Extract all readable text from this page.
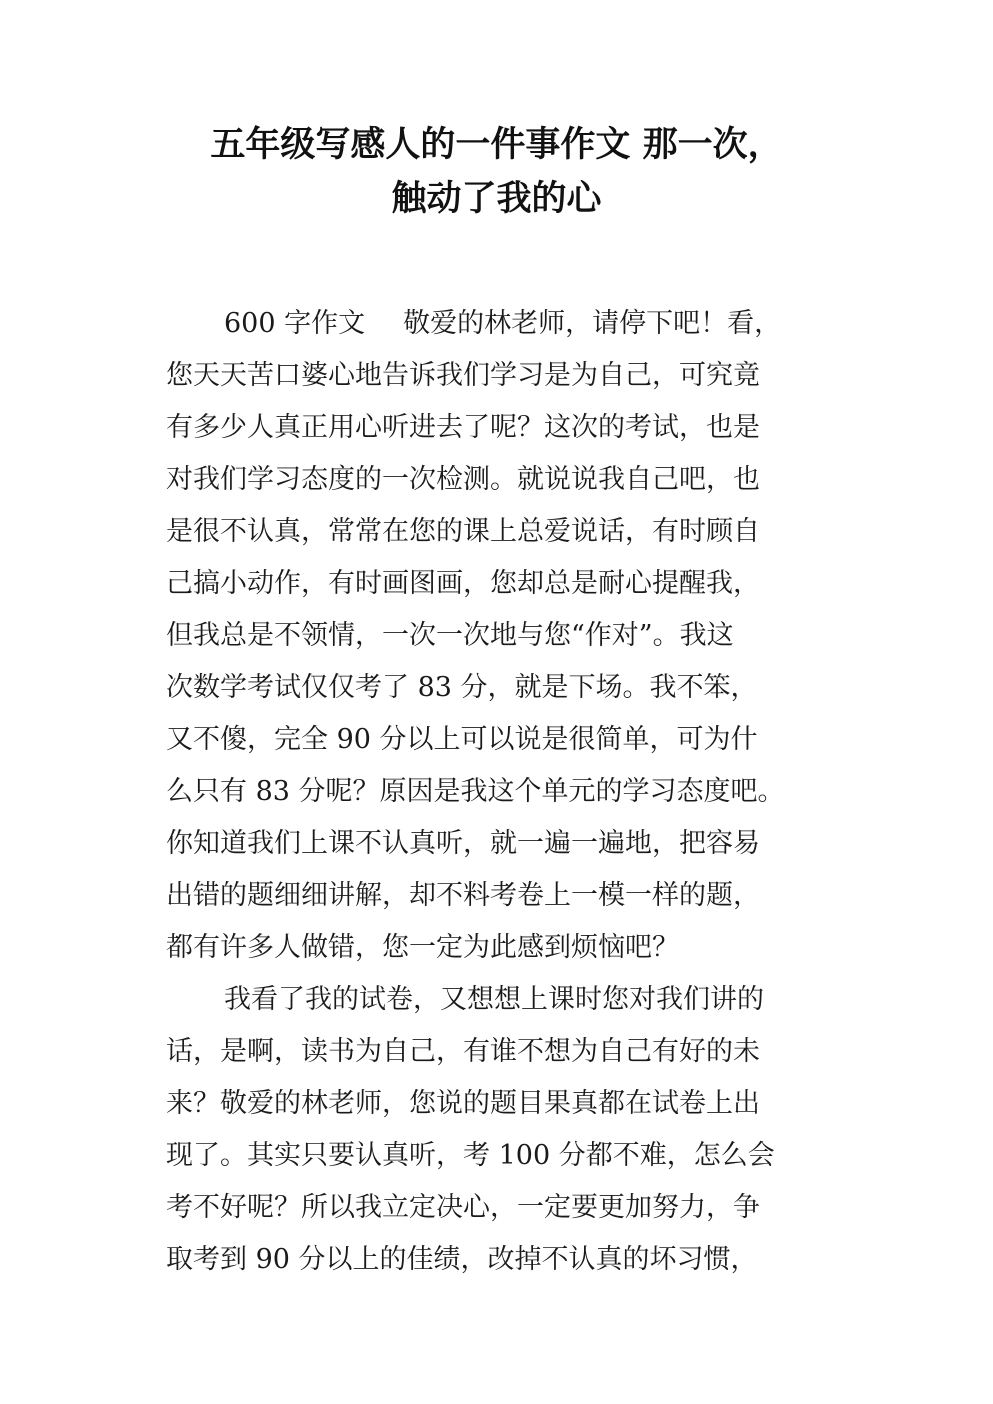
五年级写感人的一件事作文 那一次，
触动了我的心
600 字作文 敬爱的林老师，请停下吧！看，
您天天苦口婆心地告诉我们学习是为自己，可究竟
有多少人真正用心听进去了呢？这次的考试，也是
对我们学习态度的一次检测。就说说我自己吧，也
是很不认真，常常在您的课上总爱说话，有时顾自
己搞小动作，有时画图画，您却总是耐心提醒我，
但我总是不领情，一次一次地与您“作对”。我这
次数学考试仅仅考了 83 分，就是下场。我不笨，
又不傻，完全 90 分以上可以说是很简单，可为什
么只有 83 分呢？原因是我这个单元的学习态度吧。
你知道我们上课不认真听，就一遍一遍地，把容易
出错的题细细讲解，却不料考卷上一模一样的题，
都有许多人做错，您一定为此感到烦恼吧？
我看了我的试卷，又想想上课时您对我们讲的
话，是啊，读书为自己，有谁不想为自己有好的未
来？敬爱的林老师，您说的题目果真都在试卷上出
现了。其实只要认真听，考 100 分都不难，怎么会
考不好呢？所以我立定决心，一定要更加努力，争
取考到 90 分以上的佳绩，改掉不认真的坏习惯，
